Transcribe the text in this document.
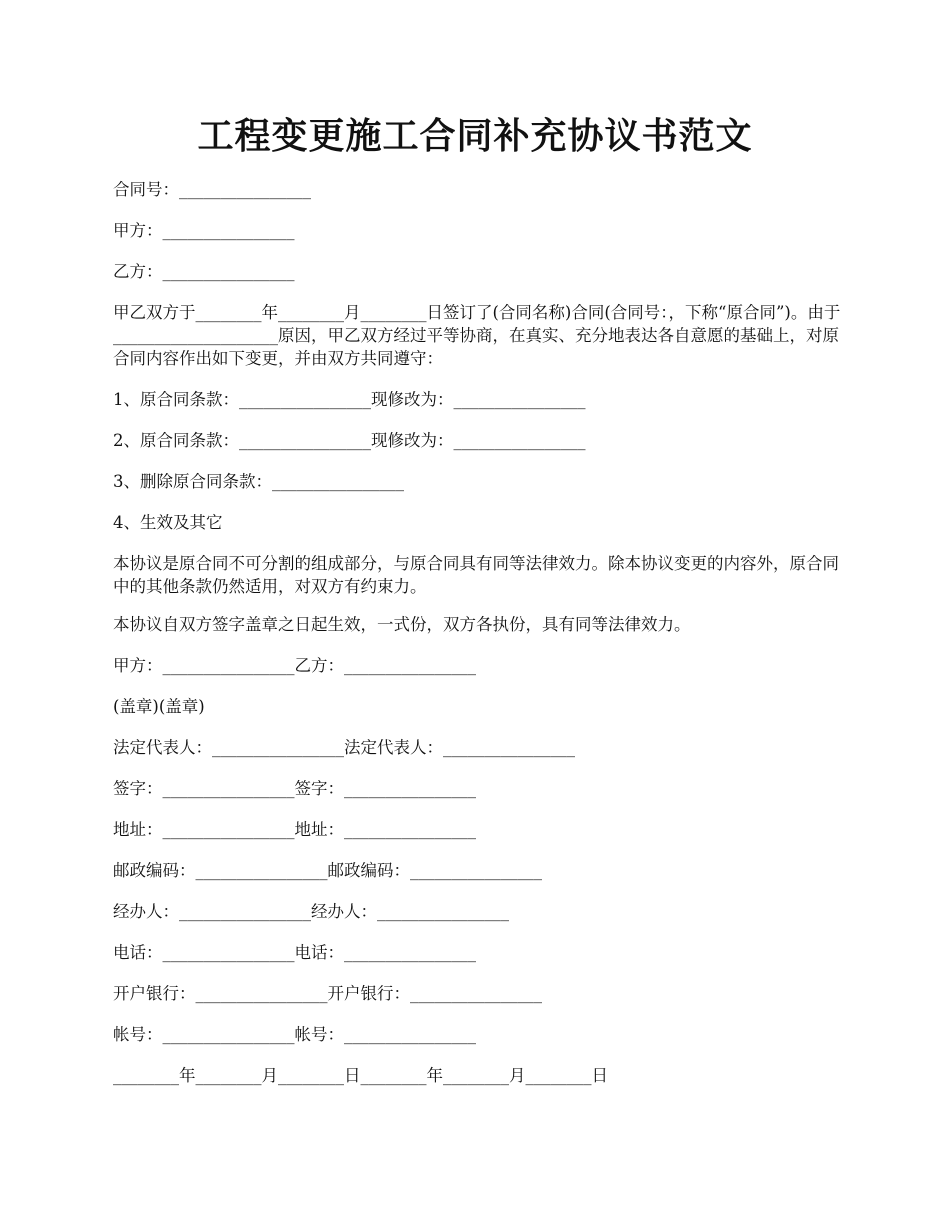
工程变更施工合同补充协议书范文

合同号：________________

甲方：________________

乙方：________________

甲乙双方于________年________月________日签订了(合同名称)合同(合同号：，下称“原合同”)。由于____________________原因，甲乙双方经过平等协商，在真实、充分地表达各自意愿的基础上，对原合同内容作出如下变更，并由双方共同遵守：

1、原合同条款：________________现修改为：________________

2、原合同条款：________________现修改为：________________

3、删除原合同条款：________________

4、生效及其它

本协议是原合同不可分割的组成部分，与原合同具有同等法律效力。除本协议变更的内容外，原合同中的其他条款仍然适用，对双方有约束力。

本协议自双方签字盖章之日起生效，一式份，双方各执份，具有同等法律效力。

甲方：________________乙方：________________

(盖章)(盖章)

法定代表人：________________法定代表人：________________

签字：________________签字：________________

地址：________________地址：________________

邮政编码：________________邮政编码：________________

经办人：________________经办人：________________

电话：________________电话：________________

开户银行：________________开户银行：________________

帐号：________________帐号：________________

________年________月________日________年________月________日
